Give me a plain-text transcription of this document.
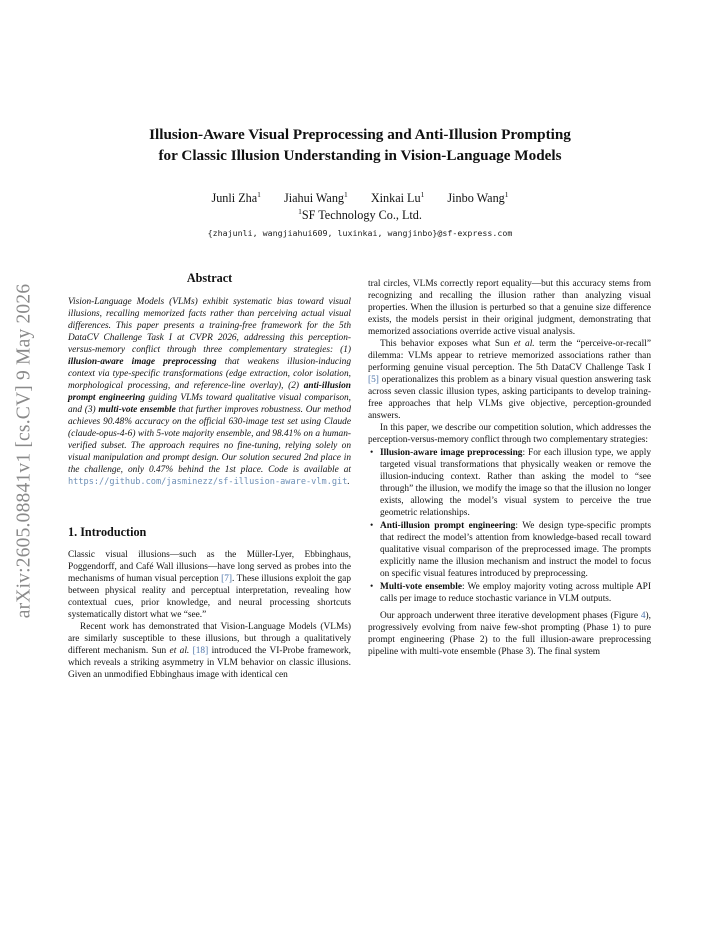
arXiv:2605.08841v1 [cs.CV] 9 May 2026
Illusion-Aware Visual Preprocessing and Anti-Illusion Prompting
for Classic Illusion Understanding in Vision-Language Models
Junli Zha$^1$ Jiahui Wang$^1$ Xinkai Lu$^1$ Jinbo Wang$^1$
$^1$SF Technology Co., Ltd.
{zhajunli, wangjiahui609, luxinkai, wangjinbo}@sf-express.com
Abstract

Vision-Language Models (VLMs) exhibit systematic bias toward visual illusions, recalling memorized facts rather than perceiving actual visual differences. This paper presents a training-free framework for the 5th DataCV Challenge Task I at CVPR 2026, addressing this perception-versus-memory conflict through three complementary strategies: (1) illusion-aware image preprocessing that weakens illusion-inducing context via type-specific transformations (edge extraction, color isolation, morphological processing, and reference-line overlay), (2) anti-illusion prompt engineering guiding VLMs toward qualitative visual comparison, and (3) multi-vote ensemble that further improves robustness. Our method achieves 90.48% accuracy on the official 630-image test set using Claude (claude-opus-4-6) with 5-vote majority ensemble, and 98.41% on a human-verified subset. The approach requires no fine-tuning, relying solely on visual manipulation and prompt design. Our solution secured 2nd place in the challenge, only 0.47% behind the 1st place. Code is available at https://github.com/jasminezz/sf-illusion-aware-vlm.git.

1. Introduction

Classic visual illusions—such as the Müller-Lyer, Ebbinghaus, Poggendorff, and Café Wall illusions—have long served as probes into the mechanisms of human visual perception [7]. These illusions exploit the gap between physical reality and perceptual interpretation, revealing how contextual cues, prior knowledge, and neural processing shortcuts systematically distort what we “see.”

Recent work has demonstrated that Vision-Language Models (VLMs) are similarly susceptible to these illusions, but through a qualitatively different mechanism. Sun et al. [18] introduced the VI-Probe framework, which reveals a striking asymmetry in VLM behavior on classic illusions. Given an unmodified Ebbinghaus image with identical cen

tral circles, VLMs correctly report equality—but this accuracy stems from recognizing and recalling the illusion rather than analyzing visual properties. When the illusion is perturbed so that a genuine size difference exists, the models persist in their original judgment, demonstrating that memorized associations override active visual analysis.

This behavior exposes what Sun et al. term the “perceive-or-recall” dilemma: VLMs appear to retrieve memorized associations rather than performing genuine visual perception. The 5th DataCV Challenge Task I [5] operationalizes this problem as a binary visual question answering task across seven classic illusion types, asking participants to develop training-free approaches that help VLMs give objective, perception-grounded answers.

In this paper, we describe our competition solution, which addresses the perception-versus-memory conflict through two complementary strategies:

• Illusion-aware image preprocessing: For each illusion type, we apply targeted visual transformations that physically weaken or remove the illusion-inducing context. Rather than asking the model to “see through” the illusion, we modify the image so that the illusion no longer exists, allowing the model’s visual system to perceive the true geometric relationships.
• Anti-illusion prompt engineering: We design type-specific prompts that redirect the model’s attention from knowledge-based recall toward qualitative visual comparison of the preprocessed image. The prompts explicitly name the illusion mechanism and instruct the model to focus on specific visual features introduced by preprocessing.
• Multi-vote ensemble: We employ majority voting across multiple API calls per image to reduce stochastic variance in VLM outputs.

Our approach underwent three iterative development phases (Figure 4), progressively evolving from naive few-shot prompting (Phase 1) to pure prompt engineering (Phase 2) to the full illusion-aware preprocessing pipeline with multi-vote ensemble (Phase 3). The final system
